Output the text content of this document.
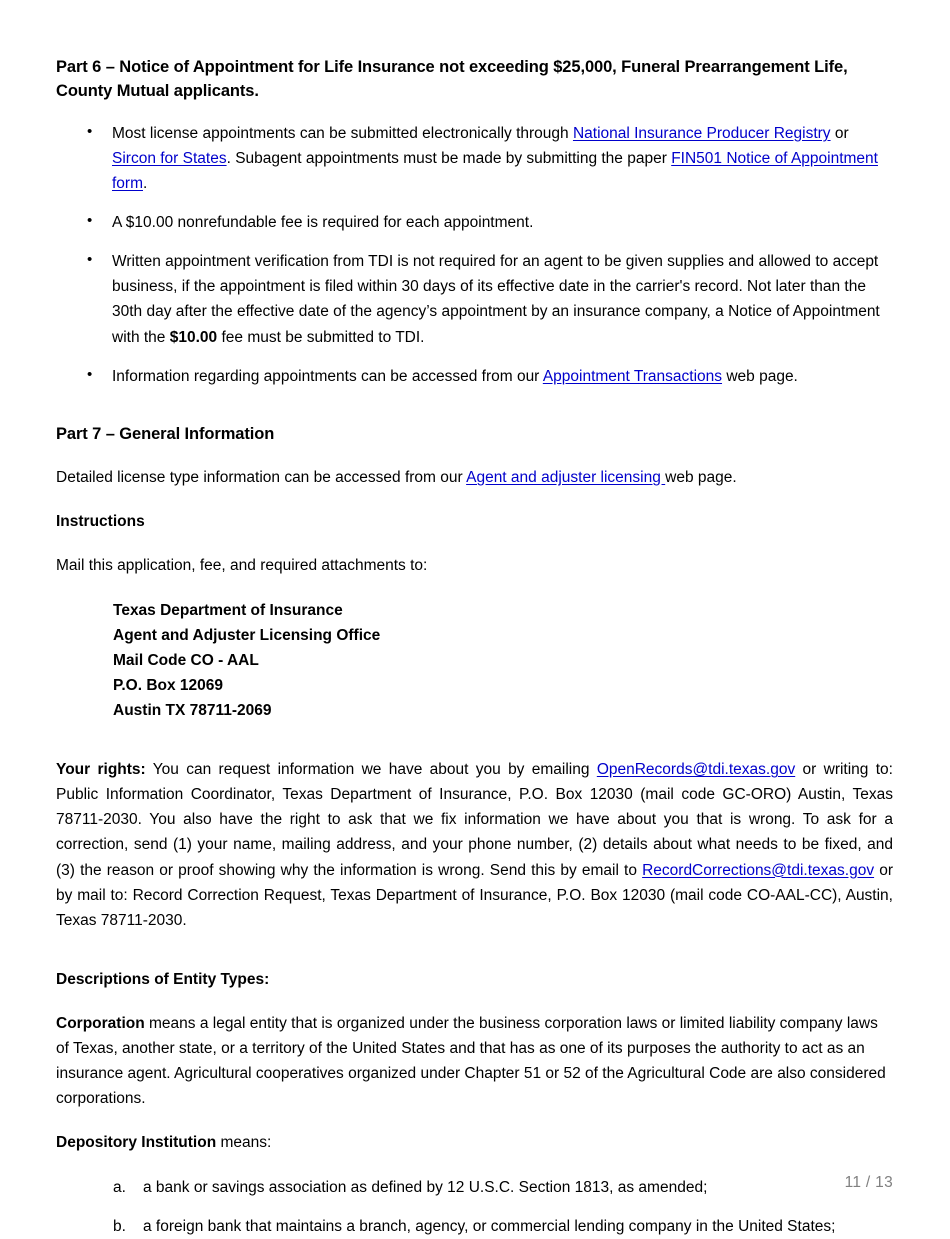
Part 6 – Notice of Appointment for Life Insurance not exceeding $25,000, Funeral Prearrangement Life, County Mutual applicants.
• Most license appointments can be submitted electronically through National Insurance Producer Registry or Sircon for States. Subagent appointments must be made by submitting the paper FIN501 Notice of Appointment form.
• A $10.00 nonrefundable fee is required for each appointment.
• Written appointment verification from TDI is not required for an agent to be given supplies and allowed to accept business, if the appointment is filed within 30 days of its effective date in the carrier's record. Not later than the 30th day after the effective date of the agency’s appointment by an insurance company, a Notice of Appointment with the $10.00 fee must be submitted to TDI.
• Information regarding appointments can be accessed from our Appointment Transactions web page.
Part 7 – General Information

Detailed license type information can be accessed from our Agent and adjuster licensing web page.

Instructions

Mail this application, fee, and required attachments to:

Texas Department of Insurance
Agent and Adjuster Licensing Office
Mail Code CO - AAL
P.O. Box 12069
Austin TX 78711-2069

Your rights: You can request information we have about you by emailing OpenRecords@tdi.texas.gov or writing to: Public Information Coordinator, Texas Department of Insurance, P.O. Box 12030 (mail code GC-ORO) Austin, Texas 78711-2030. You also have the right to ask that we fix information we have about you that is wrong. To ask for a correction, send (1) your name, mailing address, and your phone number, (2) details about what needs to be fixed, and (3) the reason or proof showing why the information is wrong. Send this by email to RecordCorrections@tdi.texas.gov or by mail to: Record Correction Request, Texas Department of Insurance, P.O. Box 12030 (mail code CO-AAL-CC), Austin, Texas 78711-2030.

Descriptions of Entity Types:

Corporation means a legal entity that is organized under the business corporation laws or limited liability company laws of Texas, another state, or a territory of the United States and that has as one of its purposes the authority to act as an insurance agent. Agricultural cooperatives organized under Chapter 51 or 52 of the Agricultural Code are also considered corporations.

Depository Institution means:

a. a bank or savings association as defined by 12 U.S.C. Section 1813, as amended;
b. a foreign bank that maintains a branch, agency, or commercial lending company in the United States;
11 / 13
